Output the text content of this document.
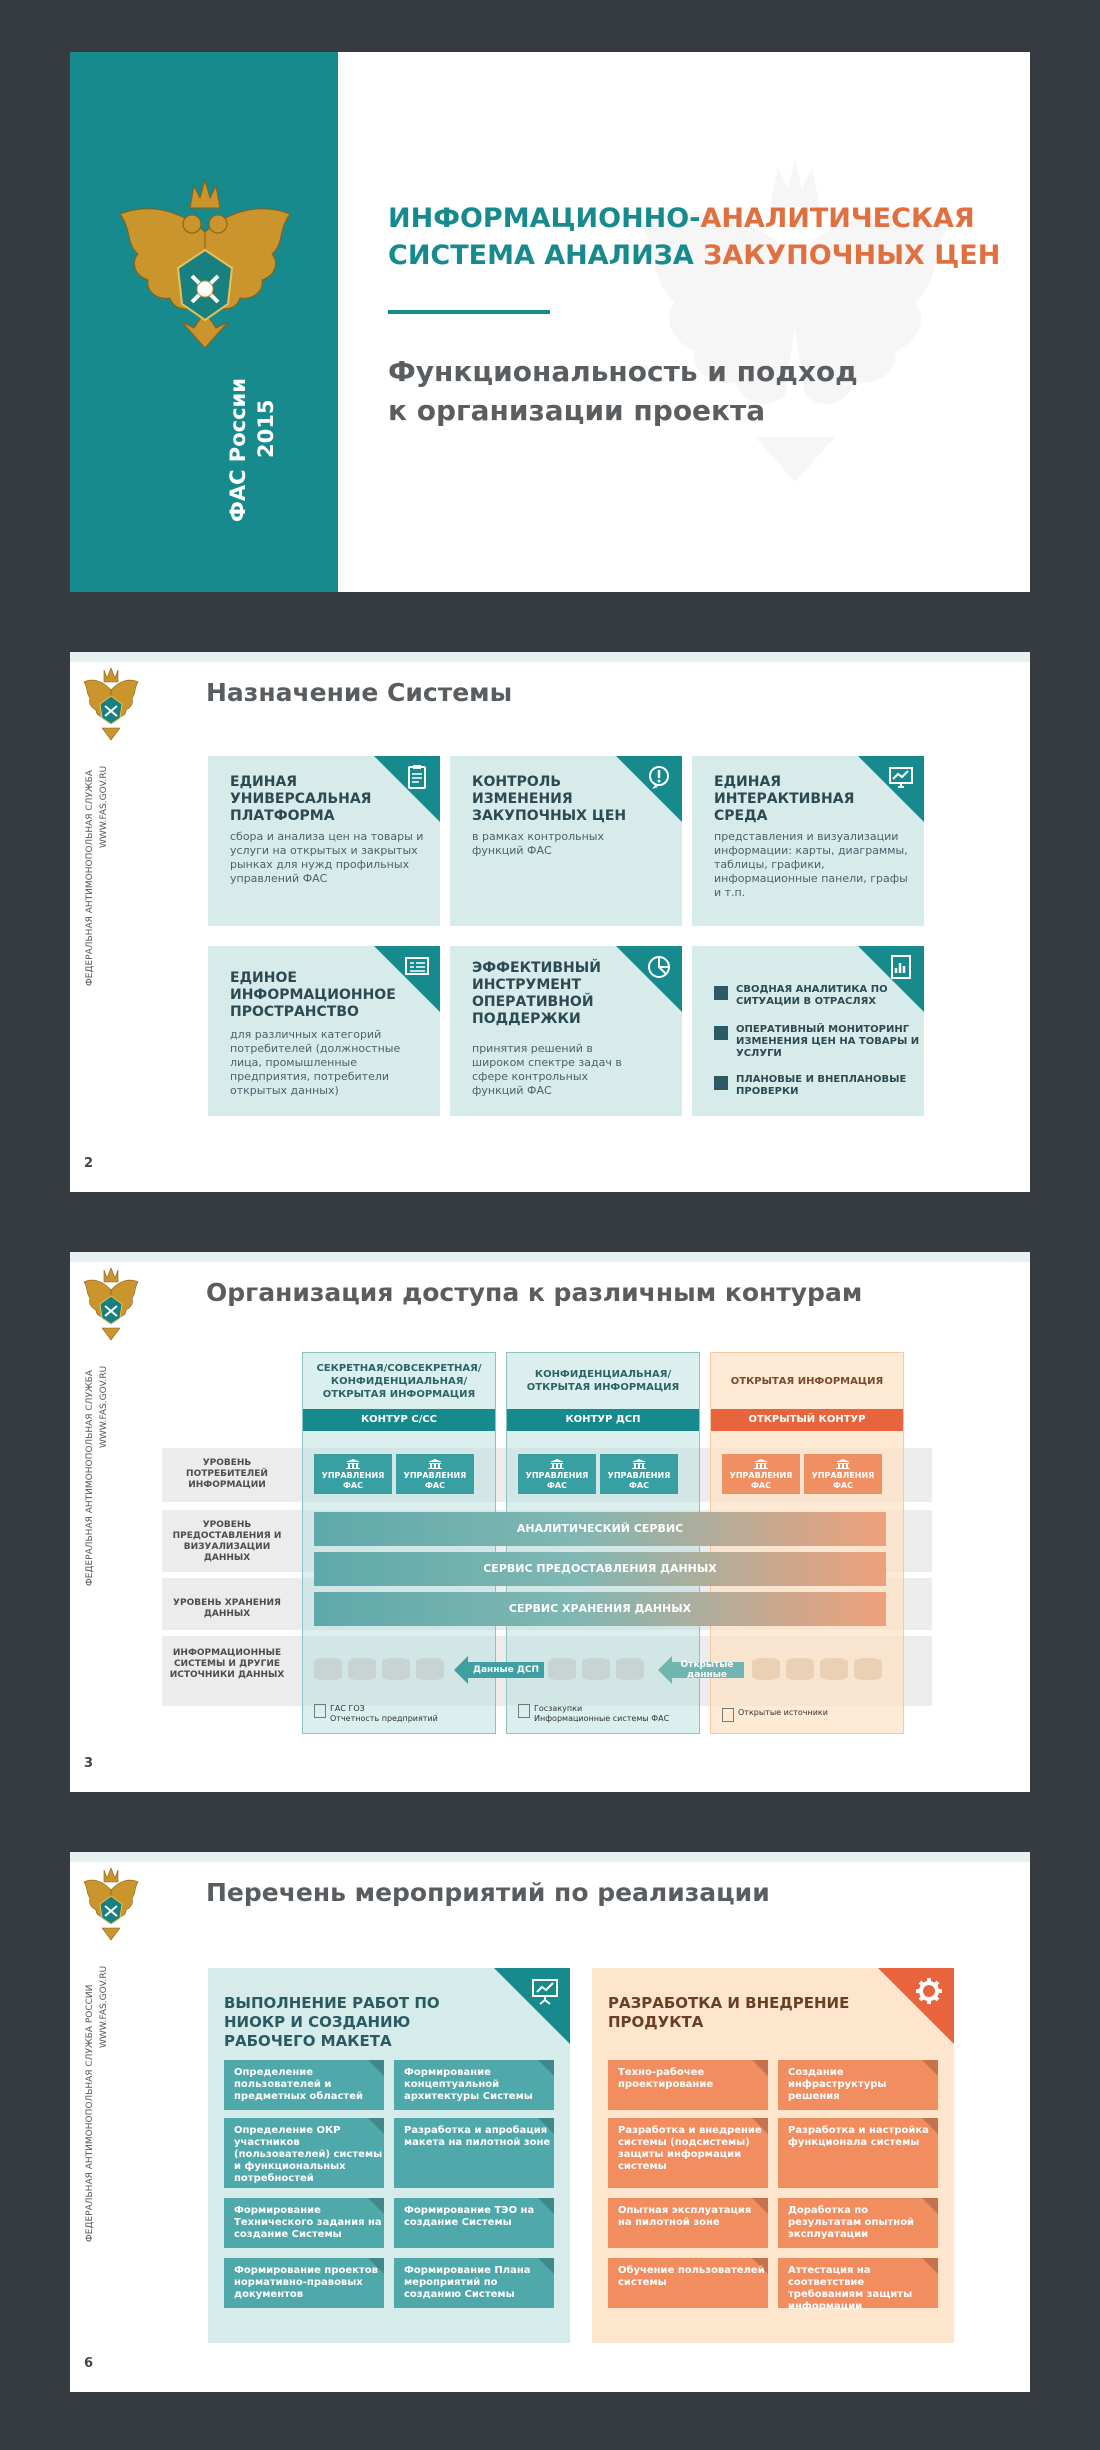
ФАС России 2015
ИНФОРМАЦИОННО-АНАЛИТИЧЕСКАЯ
СИСТЕМА АНАЛИЗА ЗАКУПОЧНЫХ ЦЕН
Функциональность и подход
к организации проекта
ФЕДЕРАЛЬНАЯ АНТИМОНОПОЛЬНАЯ СЛУЖБА WWW.FAS.GOV.RU
Назначение Системы
ЕДИНАЯ УНИВЕРСАЛЬНАЯ ПЛАТФОРМА

сбора и анализа цен на товары и услуги на открытых и закрытых рынках для нужд профильных управлений ФАС

КОНТРОЛЬ ИЗМЕНЕНИЯ ЗАКУПОЧНЫХ ЦЕН

в рамках контрольных функций ФАС

ЕДИНАЯ ИНТЕРАКТИВНАЯ СРЕДА

представления и визуализации информации: карты, диаграммы, таблицы, графики, информационные панели, графы и т.п.

ЕДИНОЕ ИНФОРМАЦИОННОЕ ПРОСТРАНСТВО

для различных категорий потребителей (должностные лица, промышленные предприятия, потребители открытых данных)

ЭФФЕКТИВНЫЙ ИНСТРУМЕНТ ОПЕРАТИВНОЙ ПОДДЕРЖКИ

принятия решений в широком спектре задач в сфере контрольных функций ФАС

СВОДНАЯ АНАЛИТИКА ПО СИТУАЦИИ В ОТРАСЛЯХ
ОПЕРАТИВНЫЙ МОНИТОРИНГ ИЗМЕНЕНИЯ ЦЕН НА ТОВАРЫ И УСЛУГИ
ПЛАНОВЫЕ И ВНЕПЛАНОВЫЕ ПРОВЕРКИ
2
ФЕДЕРАЛЬНАЯ АНТИМОНОПОЛЬНАЯ СЛУЖБА WWW.FAS.GOV.RU
Организация доступа к различным контурам
СЕКРЕТНАЯ/СОВСЕКРЕТНАЯ/ КОНФИДЕНЦИАЛЬНАЯ/ ОТКРЫТАЯ ИНФОРМАЦИЯ
КОНТУР С/СС
КОНФИДЕНЦИАЛЬНАЯ/ ОТКРЫТАЯ ИНФОРМАЦИЯ
КОНТУР ДСП
ОТКРЫТАЯ ИНФОРМАЦИЯ
ОТКРЫТЫЙ КОНТУР
УРОВЕНЬ ПОТРЕБИТЕЛЕЙ ИНФОРМАЦИИ
УРОВЕНЬ ПРЕДОСТАВЛЕНИЯ И ВИЗУАЛИЗАЦИИ ДАННЫХ
УРОВЕНЬ ХРАНЕНИЯ ДАННЫХ
ИНФОРМАЦИОННЫЕ СИСТЕМЫ И ДРУГИЕ ИСТОЧНИКИ ДАННЫХ
УПРАВЛЕНИЯ
ФАС
УПРАВЛЕНИЯ
ФАС
УПРАВЛЕНИЯ
ФАС
УПРАВЛЕНИЯ
ФАС
УПРАВЛЕНИЯ
ФАС
УПРАВЛЕНИЯ
ФАС
АНАЛИТИЧЕСКИЙ СЕРВИС
СЕРВИС ПРЕДОСТАВЛЕНИЯ ДАННЫХ
СЕРВИС ХРАНЕНИЯ ДАННЫХ
Данные ДСП	Открытые
данные
ГАС ГОЗ
Отчетность предприятий
Госзакупки
Информационные системы ФАС
Открытые источники
3
ФЕДЕРАЛЬНАЯ АНТИМОНОПОЛЬНАЯ СЛУЖБА РОССИИ WWW.FAS.GOV.RU
Перечень мероприятий по реализации
ВЫПОЛНЕНИЕ РАБОТ ПО НИОКР И СОЗДАНИЮ РАБОЧЕГО МАКЕТА
Определение пользователей и предметных областей
Формирование концептуальной архитектуры Системы
Определение ОКР участников (пользователей) системы и функциональных потребностей
Разработка и апробация макета на пилотной зоне
Формирование Технического задания на создание Системы
Формирование ТЭО на создание Системы
Формирование проектов нормативно-правовых документов
Формирование Плана мероприятий по созданию Системы
РАЗРАБОТКА И ВНЕДРЕНИЕ ПРОДУКТА
Техно-рабочее проектирование
Создание инфраструктуры решения
Разработка и внедрение системы (подсистемы) защиты информации системы
Разработка и настройка функционала системы
Опытная эксплуатация на пилотной зоне
Доработка по результатам опытной эксплуатации
Обучение пользователей системы
Аттестация на соответствие требованиям защиты информации
6
